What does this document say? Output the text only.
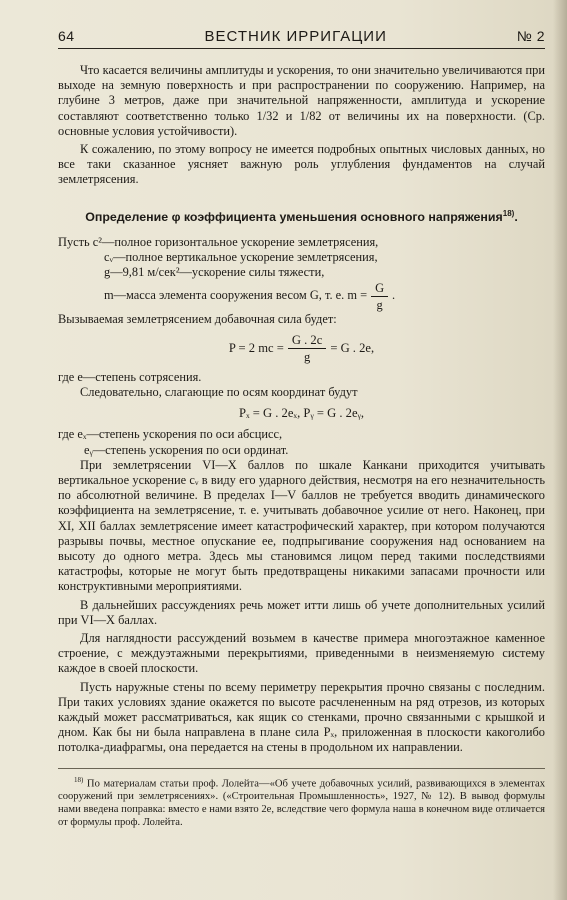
64	ВЕСТНИК ИРРИГАЦИИ	№ 2

Что касается величины амплитуды и ускорения, то они значительно увеличиваются при выходе на земную поверхность и при распространении по сооружению. Например, на глубине 3 метров, даже при значительной напряженности, амплитуда и ускорение составляют соответственно только 1/32 и 1/82 от величины их на поверхности. (Ср. основные условия устойчивости).

К сожалению, по этому вопросу не имеется подробных опытных числовых данных, но все таки сказанное уясняет важную роль углубления фундаментов на случай землетрясения.

Определение φ коэффициента уменьшения основного напряжения$^{18)}$.

Пусть c²—полное горизонтальное ускорение землетрясения,

cᵥ—полное вертикальное ускорение землетрясения,

g—9,81 м/сек²—ускорение силы тяжести,

m—масса элемента сооружения весом G, т. е. $m = \frac{G}{g}$ .

Вызываемая землетрясением добавочная сила будет:

P = 2 mc = $\frac{G . 2c}{g} = G$ . 2e,

где e—степень сотрясения.

Следовательно, слагающие по осям координат будут

Pₓ = G . 2eₓ, Pᵧ = G . 2eᵧ,

где eₓ—степень ускорения по оси абсцисс,

eᵧ—степень ускорения по оси ординат.

При землетрясении VI—X баллов по шкале Канкани приходится учитывать вертикальное ускорение cᵥ в виду его ударного действия, несмотря на его незначительность по абсолютной величине. В пределах I—V баллов не требуется вводить динамического коэффициента на землетрясение, т. е. учитывать добавочное усилие от него. Наконец, при XI, XII баллах землетрясение имеет катастрофический характер, при котором получаются разрывы почвы, местное опускание ее, подпрыгивание сооружения над основанием на высоту до одного метра. Здесь мы становимся лицом перед такими последствиями катастрофы, которые не могут быть предотвращены никакими запасами прочности или конструктивными мероприятиями.

В дальнейших рассуждениях речь может итти лишь об учете дополнительных усилий при VI—X баллах.

Для наглядности рассуждений возьмем в качестве примера многоэтажное каменное строение, с междуэтажными перекрытиями, приведенными в неизменяемую систему каждое в своей плоскости.

Пусть наружные стены по всему периметру перекрытия прочно связаны с последним. При таких условиях здание окажется по высоте расчлененным на ряд отрезов, из которых каждый может рассматриваться, как ящик со стенками, прочно связанными с крышкой и дном. Как бы ни была направлена в плане сила Pₓ, приложенная в плоскости какоголибо потолка-диафрагмы, она передается на стены в продольном их направлении.

$^{18)}$ По материалам статьи проф. Лолейта—«Об учете добавочных усилий, развивающихся в элементах сооружений при землетрясениях». («Строительная Промышленность», 1927, № 12). В вывод формулы нами введена поправка: вместо e нами взято 2e, вследствие чего формула наша в конечном виде отличается от формулы проф. Лолейта.
